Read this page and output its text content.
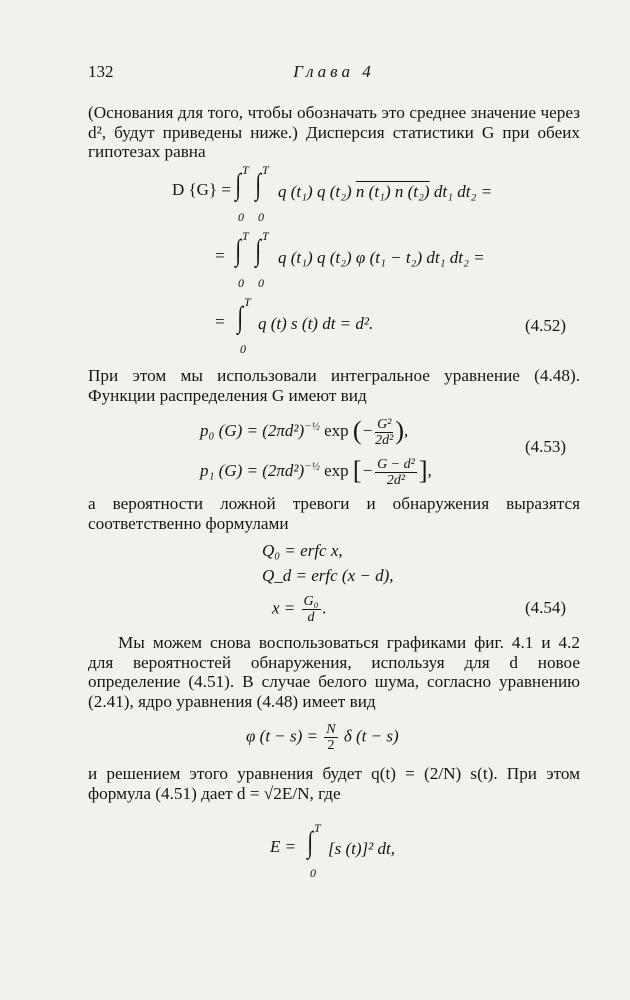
132	Глава 4

(Основания для того, чтобы обозначать это среднее значение через d², будут приведены ниже.) Дисперсия статистики G при обеих гипотезах равна

D {G} = ∫ ∫
T T
0 0
q (t₁) q (t₂) n (t₁) n (t₂) dt₁ dt₂ =
= ∫ ∫
T T
0 0
q (t₁) q (t₂) φ (t₁ − t₂) dt₁ dt₂ =
= ∫ T
0
q (t) s (t) dt = d².	(4.52)

При этом мы использовали интегральное уравнение (4.48). Функции распределения G имеют вид

p₀ $(G) = (2\pi d^2)^{-\frac{1}{2}}$ exp (− $\frac{\text{G²}}{\text{2d²}}$ ),
p₁ $(G) = (2\pi d^2)^{-\frac{1}{2}}$ exp [− $\frac{\text{G − d²}}{\text{2d²}}$ ],
(4.53)

а вероятности ложной тревоги и обнаружения выразятся соответственно формулами

Q₀ = erfc x,
Q_d = erfc (x − d),
$x = \frac{\text{G₀}}{d}$ .	(4.54)

Мы можем снова воспользоваться графиками фиг. 4.1 и 4.2 для вероятностей обнаружения, используя для d новое определение (4.51). В случае белого шума, согласно уравнению (2.41), ядро уравнения (4.48) имеет вид

φ $(t - s) = \frac{N}{2}$ δ (t − s)

и решением этого уравнения будет q(t) = (2/N) s(t). При этом формула (4.51) дает d = √2E/N, где

E = ∫ T
0
[s (t)]² dt,
